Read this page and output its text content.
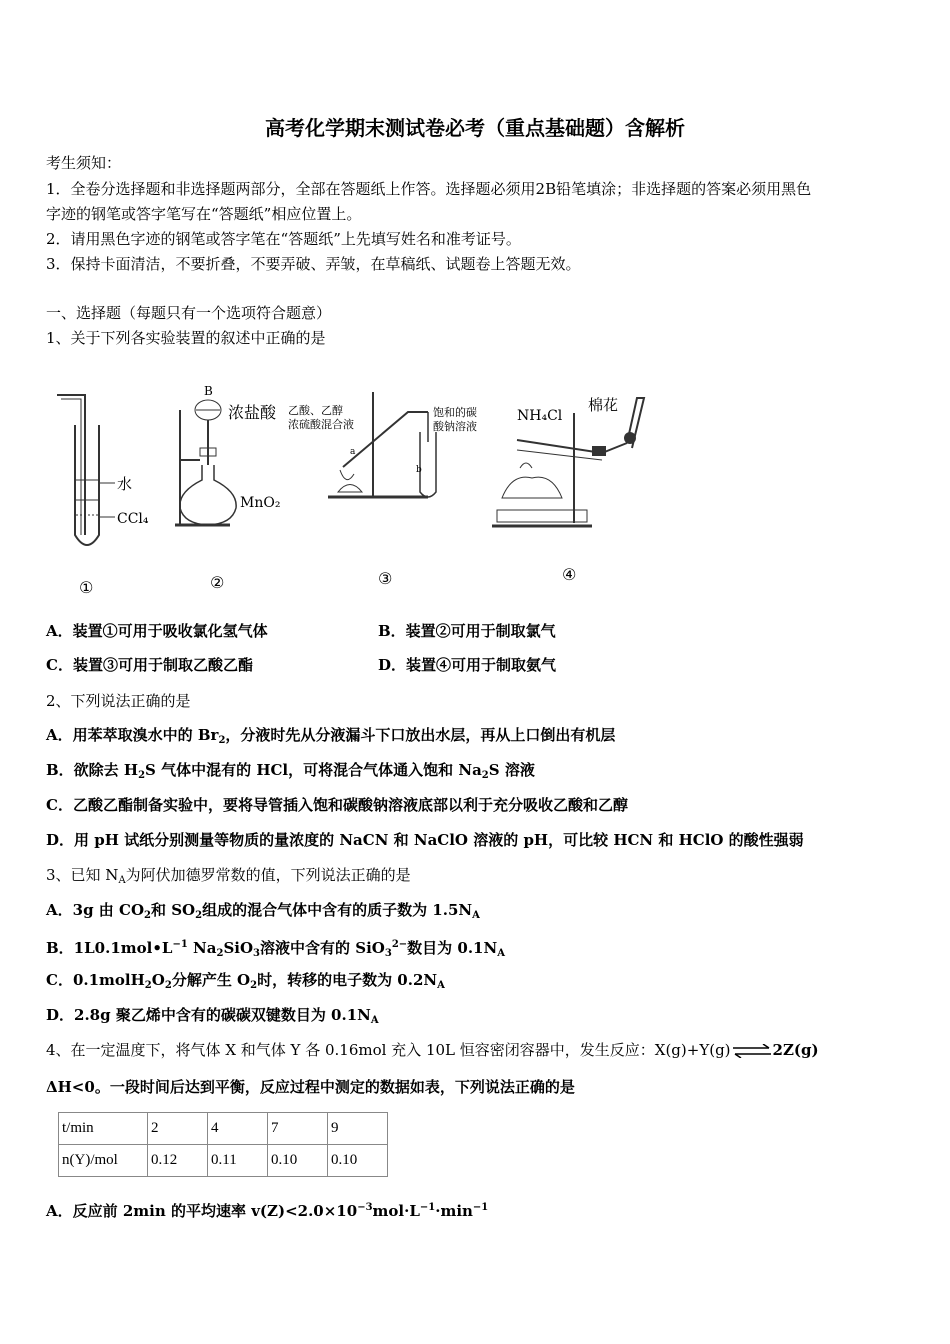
高考化学期末测试卷必考（重点基础题）含解析
考生须知：
1．全卷分选择题和非选择题两部分，全部在答题纸上作答。选择题必须用2B铅笔填涂；非选择题的答案必须用黑色
字迹的钢笔或答字笔写在“答题纸”相应位置上。
2．请用黑色字迹的钢笔或答字笔在“答题纸”上先填写姓名和准考证号。
3．保持卡面清洁，不要折叠，不要弄破、弄皱，在草稿纸、试题卷上答题无效。
一、选择题（每题只有一个选项符合题意）
1、关于下列各实验装置的叙述中正确的是
水
CCl₄
①
B
浓盐酸
MnO₂
②
乙酸、乙醇
浓硫酸混合液
饱和的碳
酸钠溶液
a
b
③
NH₄Cl
棉花
④
A．装置①可用于吸收氯化氢气体	B．装置②可用于制取氯气
C．装置③可用于制取乙酸乙酯	D．装置④可用于制取氨气
2、下列说法正确的是
A．用苯萃取溴水中的 $Br_2$，分液时先从分液漏斗下口放出水层，再从上口倒出有机层
B．欲除去 $H_2S$ 气体中混有的 HCl，可将混合气体通入饱和 $Na_2S$ 溶液
C．乙酸乙酯制备实验中，要将导管插入饱和碳酸钠溶液底部以利于充分吸收乙酸和乙醇
D．用 pH 试纸分别测量等物质的量浓度的 NaCN 和 NaClO 溶液的 pH，可比较 HCN 和 HClO 的酸性强弱
3、已知 $N_A$为阿伏加德罗常数的值，下列说法正确的是
A．3g 由 $CO_2$和 $SO_2$组成的混合气体中含有的质子数为 $1.5N_A$
B．$1L0.1mol•L^{-1}$ $Na_2SiO_3$溶液中含有的 SiO$_3^{2-}$数目为 $0.1N_A$
C．$0.1molH_2O_2$分解产生 $O_2$时，转移的电子数为 $0.2N_A$
D．2.8g 聚乙烯中含有的碳碳双键数目为 $0.1N_A$
4、在一定温度下，将气体 X 和气体 Y 各 0.16mol 充入 10L 恒容密闭容器中，发生反应：X(g)+Y(g)⇌2Z(g)
ΔH<0。一段时间后达到平衡，反应过程中测定的数据如表，下列说法正确的是
t/min	2	4	7	9
n(Y)/mol	0.12	0.11	0.10	0.10
A．反应前 2min 的平均速率 $v(Z)<2.0\times 10^{-3}mol\cdot L^{-1}\cdot\min^{-1}$
